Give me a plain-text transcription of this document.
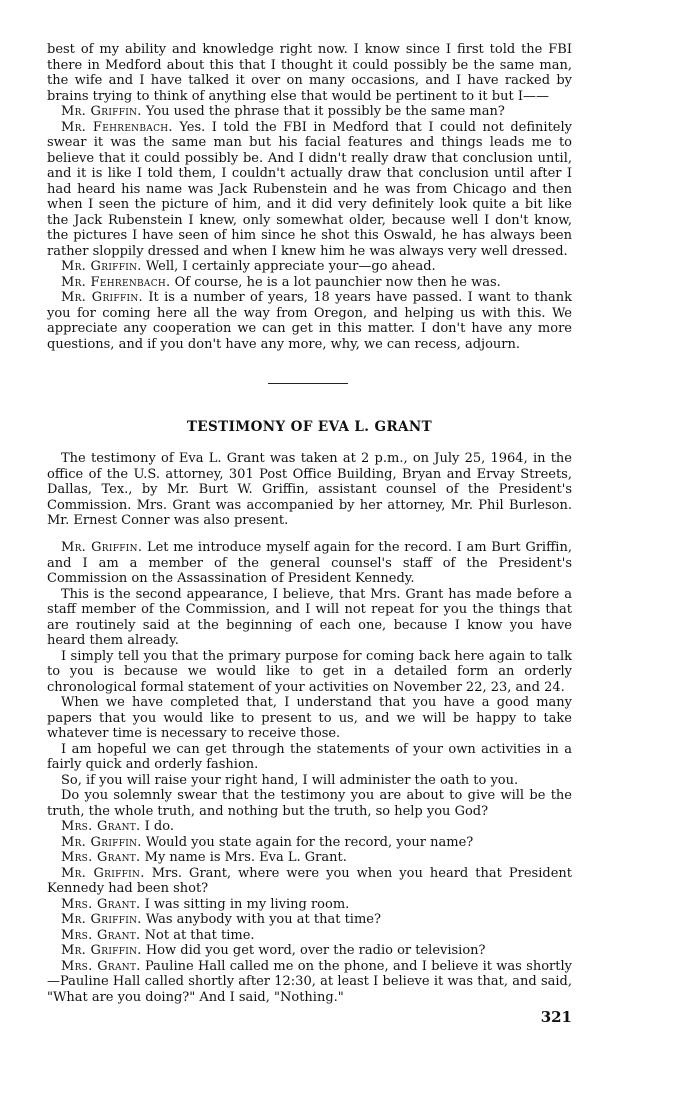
best of my ability and knowledge right now. I know since I first told the FBI there in Medford about this that I thought it could possibly be the same man, the wife and I have talked it over on many occasions, and I have racked by brains trying to think of anything else that would be pertinent to it but I——

Mr. Griffin. You used the phrase that it possibly be the same man?

Mr. Fehrenbach. Yes. I told the FBI in Medford that I could not definitely swear it was the same man but his facial features and things leads me to believe that it could possibly be. And I didn't really draw that conclusion until, and it is like I told them, I couldn't actually draw that conclusion until after I had heard his name was Jack Rubenstein and he was from Chicago and then when I seen the picture of him, and it did very definitely look quite a bit like the Jack Rubenstein I knew, only somewhat older, because well I don't know, the pictures I have seen of him since he shot this Oswald, he has always been rather sloppily dressed and when I knew him he was always very well dressed.

Mr. Griffin. Well, I certainly appreciate your—go ahead.

Mr. Fehrenbach. Of course, he is a lot paunchier now then he was.

Mr. Griffin. It is a number of years, 18 years have passed. I want to thank you for coming here all the way from Oregon, and helping us with this. We appreciate any cooperation we can get in this matter. I don't have any more questions, and if you don't have any more, why, we can recess, adjourn.

TESTIMONY OF EVA L. GRANT

The testimony of Eva L. Grant was taken at 2 p.m., on July 25, 1964, in the office of the U.S. attorney, 301 Post Office Building, Bryan and Ervay Streets, Dallas, Tex., by Mr. Burt W. Griffin, assistant counsel of the President's Commission. Mrs. Grant was accompanied by her attorney, Mr. Phil Burleson. Mr. Ernest Conner was also present.

Mr. Griffin. Let me introduce myself again for the record. I am Burt Griffin, and I am a member of the general counsel's staff of the President's Commission on the Assassination of President Kennedy.

This is the second appearance, I believe, that Mrs. Grant has made before a staff member of the Commission, and I will not repeat for you the things that are routinely said at the beginning of each one, because I know you have heard them already.

I simply tell you that the primary purpose for coming back here again to talk to you is because we would like to get in a detailed form an orderly chronological formal statement of your activities on November 22, 23, and 24.

When we have completed that, I understand that you have a good many papers that you would like to present to us, and we will be happy to take whatever time is necessary to receive those.

I am hopeful we can get through the statements of your own activities in a fairly quick and orderly fashion.

So, if you will raise your right hand, I will administer the oath to you.

Do you solemnly swear that the testimony you are about to give will be the truth, the whole truth, and nothing but the truth, so help you God?

Mrs. Grant. I do.

Mr. Griffin. Would you state again for the record, your name?

Mrs. Grant. My name is Mrs. Eva L. Grant.

Mr. Griffin. Mrs. Grant, where were you when you heard that President Kennedy had been shot?

Mrs. Grant. I was sitting in my living room.

Mr. Griffin. Was anybody with you at that time?

Mrs. Grant. Not at that time.

Mr. Griffin. How did you get word, over the radio or television?

Mrs. Grant. Pauline Hall called me on the phone, and I believe it was shortly—Pauline Hall called shortly after 12:30, at least I believe it was that, and said, "What are you doing?" And I said, "Nothing."

321
